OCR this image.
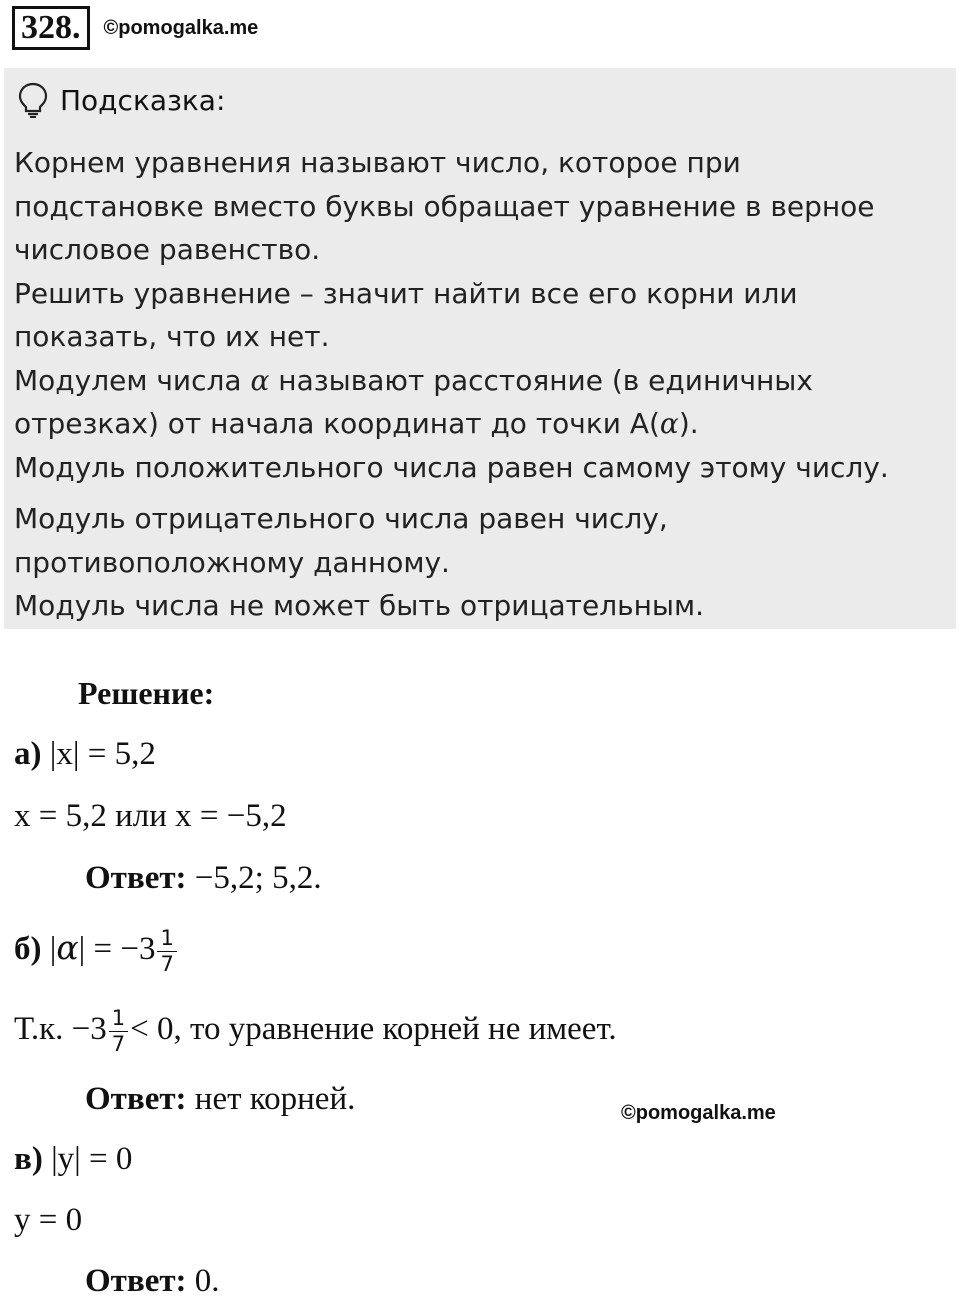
328.	©pomogalka.me
Подсказка:
Корнем уравнения называют число, которое при
подстановке вместо буквы обращает уравнение в верное
числовое равенство.
Решить уравнение – значит найти все его корни или
показать, что их нет.
Модулем числа α называют расстояние (в единичных
отрезках) от начала координат до точки A(α).
Модуль положительного числа равен самому этому числу.
Модуль отрицательного числа равен числу,
противоположному данному.
Модуль числа не может быть отрицательным.
Решение:
а) |x| = 5,2
x = 5,2 или x = −5,2
Ответ: −5,2; 5,2.
б) $|\alpha| = -3 \frac{1}{7}$
Т.к. $-3 \frac{1}{7} < 0$, то уравнение корней не имеет.
Ответ: нет корней.	©pomogalka.me
в) |y| = 0
y = 0
Ответ: 0.
